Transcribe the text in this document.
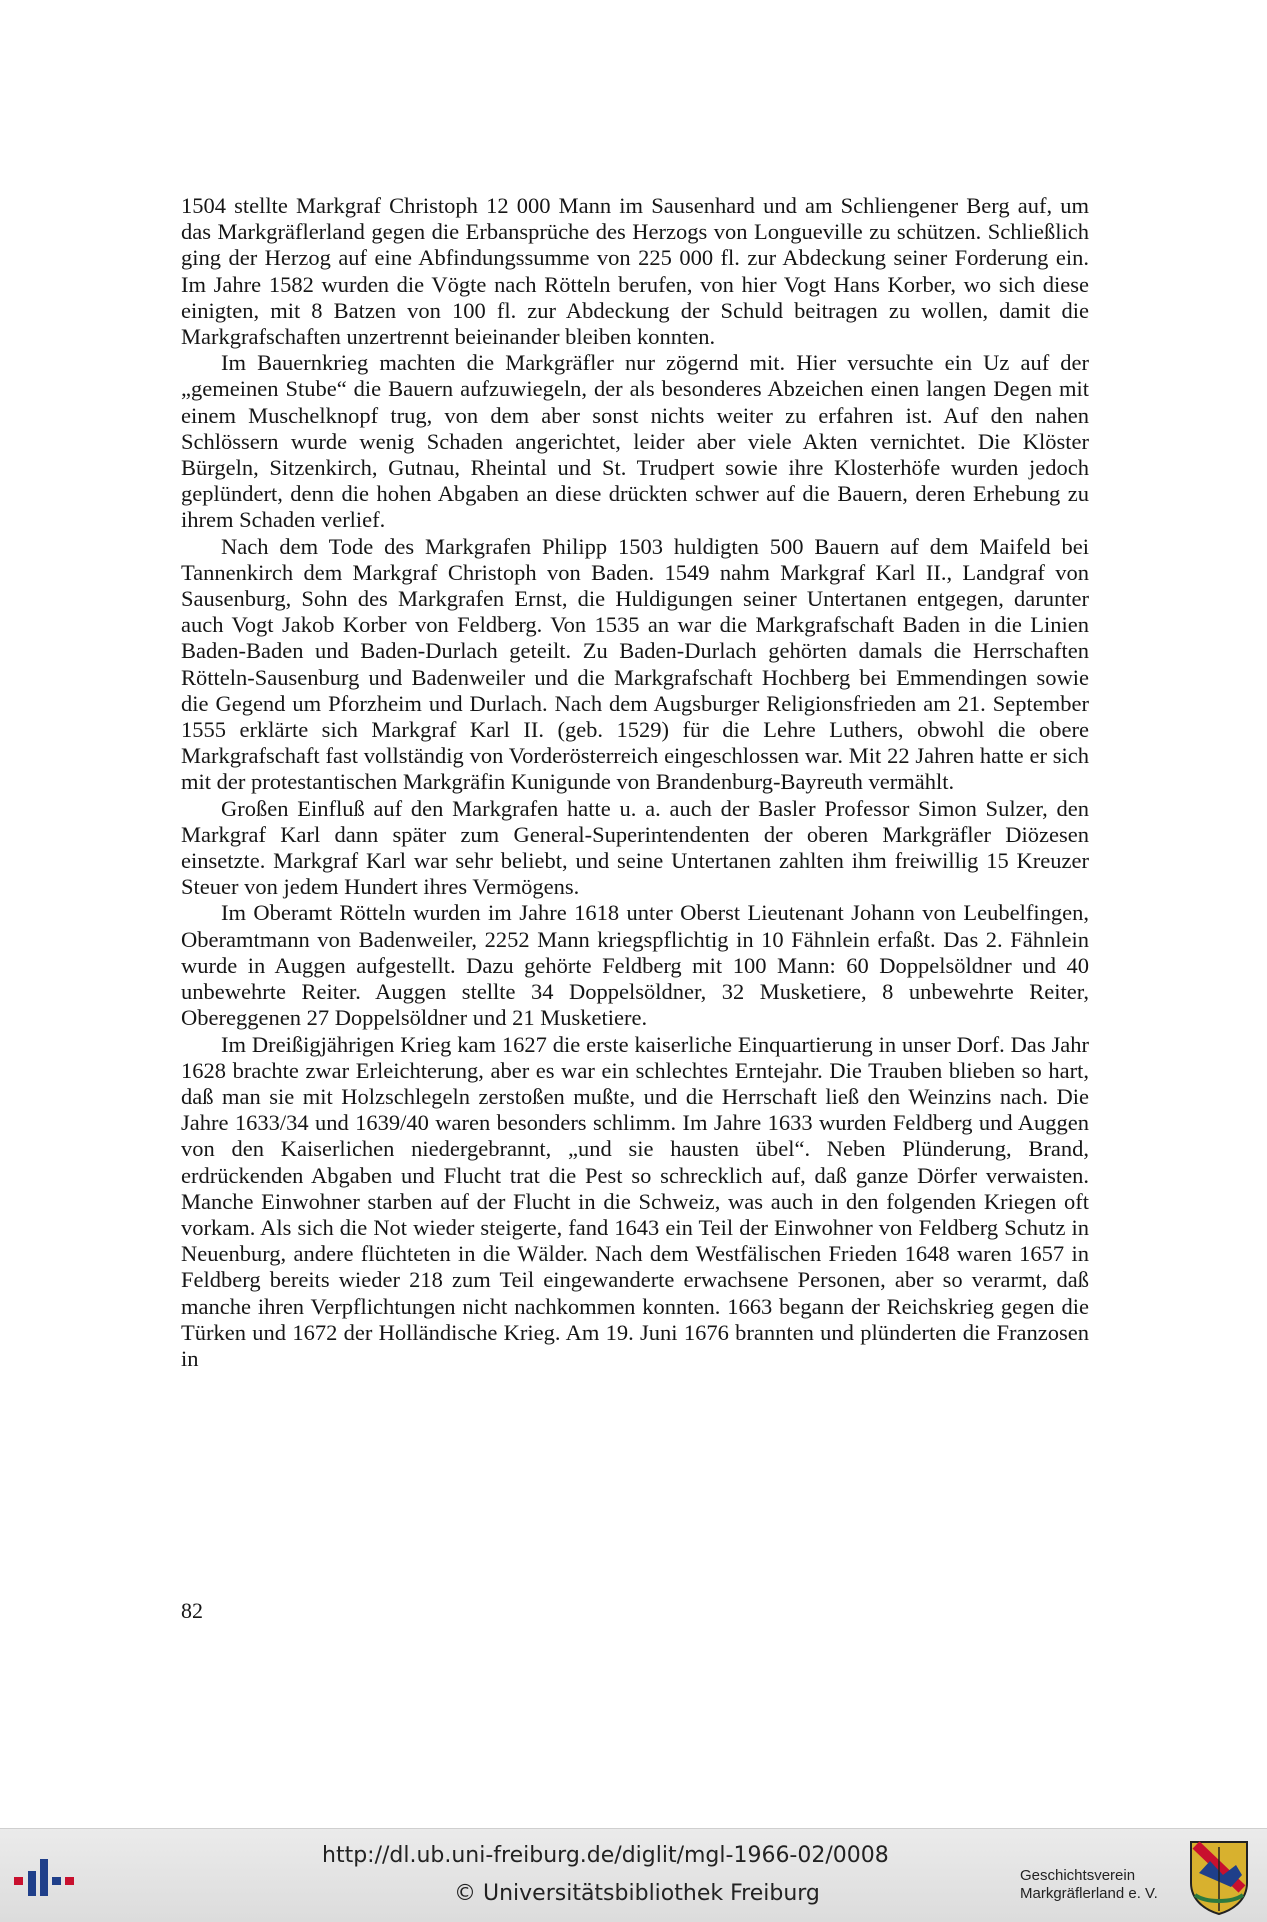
1504 stellte Markgraf Christoph 12 000 Mann im Sausenhard und am Schliengener Berg auf, um das Markgräflerland gegen die Erbansprüche des Herzogs von Longueville zu schützen. Schließlich ging der Herzog auf eine Abfindungssumme von 225 000 fl. zur Abdeckung seiner Forderung ein. Im Jahre 1582 wurden die Vögte nach Rötteln berufen, von hier Vogt Hans Korber, wo sich diese einigten, mit 8 Batzen von 100 fl. zur Abdeckung der Schuld beitragen zu wollen, damit die Markgrafschaften unzertrennt beieinander bleiben konnten.

Im Bauernkrieg machten die Markgräfler nur zögernd mit. Hier versuchte ein Uz auf der „gemeinen Stube“ die Bauern aufzuwiegeln, der als besonderes Abzeichen einen langen Degen mit einem Muschelknopf trug, von dem aber sonst nichts weiter zu erfahren ist. Auf den nahen Schlössern wurde wenig Schaden angerichtet, leider aber viele Akten vernichtet. Die Klöster Bürgeln, Sitzenkirch, Gutnau, Rheintal und St. Trudpert sowie ihre Klosterhöfe wurden jedoch geplündert, denn die hohen Abgaben an diese drückten schwer auf die Bauern, deren Erhebung zu ihrem Schaden verlief.

Nach dem Tode des Markgrafen Philipp 1503 huldigten 500 Bauern auf dem Maifeld bei Tannenkirch dem Markgraf Christoph von Baden. 1549 nahm Markgraf Karl II., Landgraf von Sausenburg, Sohn des Markgrafen Ernst, die Huldigungen seiner Untertanen entgegen, darunter auch Vogt Jakob Korber von Feldberg. Von 1535 an war die Markgrafschaft Baden in die Linien Baden-Baden und Baden-Durlach geteilt. Zu Baden-Durlach gehörten damals die Herrschaften Rötteln-Sausenburg und Badenweiler und die Markgrafschaft Hochberg bei Emmendingen sowie die Gegend um Pforzheim und Durlach. Nach dem Augsburger Religionsfrieden am 21. September 1555 erklärte sich Markgraf Karl II. (geb. 1529) für die Lehre Luthers, obwohl die obere Markgrafschaft fast vollständig von Vorderösterreich eingeschlossen war. Mit 22 Jahren hatte er sich mit der protestantischen Markgräfin Kunigunde von Brandenburg-Bayreuth vermählt.

Großen Einfluß auf den Markgrafen hatte u. a. auch der Basler Professor Simon Sulzer, den Markgraf Karl dann später zum General-Superintendenten der oberen Markgräfler Diözesen einsetzte. Markgraf Karl war sehr beliebt, und seine Untertanen zahlten ihm freiwillig 15 Kreuzer Steuer von jedem Hundert ihres Vermögens.

Im Oberamt Rötteln wurden im Jahre 1618 unter Oberst Lieutenant Johann von Leubelfingen, Oberamtmann von Badenweiler, 2252 Mann kriegspflichtig in 10 Fähnlein erfaßt. Das 2. Fähnlein wurde in Auggen aufgestellt. Dazu gehörte Feldberg mit 100 Mann: 60 Doppelsöldner und 40 unbewehrte Reiter. Auggen stellte 34 Doppelsöldner, 32 Musketiere, 8 unbewehrte Reiter, Obereggenen 27 Doppelsöldner und 21 Musketiere.

Im Dreißigjährigen Krieg kam 1627 die erste kaiserliche Einquartierung in unser Dorf. Das Jahr 1628 brachte zwar Erleichterung, aber es war ein schlechtes Erntejahr. Die Trauben blieben so hart, daß man sie mit Holzschlegeln zerstoßen mußte, und die Herrschaft ließ den Weinzins nach. Die Jahre 1633/34 und 1639/40 waren besonders schlimm. Im Jahre 1633 wurden Feldberg und Auggen von den Kaiserlichen niedergebrannt, „und sie hausten übel“. Neben Plünderung, Brand, erdrückenden Abgaben und Flucht trat die Pest so schrecklich auf, daß ganze Dörfer verwaisten. Manche Einwohner starben auf der Flucht in die Schweiz, was auch in den folgenden Kriegen oft vorkam. Als sich die Not wieder steigerte, fand 1643 ein Teil der Einwohner von Feldberg Schutz in Neuenburg, andere flüchteten in die Wälder. Nach dem Westfälischen Frieden 1648 waren 1657 in Feldberg bereits wieder 218 zum Teil eingewanderte erwachsene Personen, aber so verarmt, daß manche ihren Verpflichtungen nicht nachkommen konnten. 1663 begann der Reichskrieg gegen die Türken und 1672 der Holländische Krieg. Am 19. Juni 1676 brannten und plünderten die Franzosen in

82
http://dl.ub.uni-freiburg.de/diglit/mgl-1966-02/0008
© Universitätsbibliothek Freiburg
Geschichtsverein
Markgräflerland e. V.
